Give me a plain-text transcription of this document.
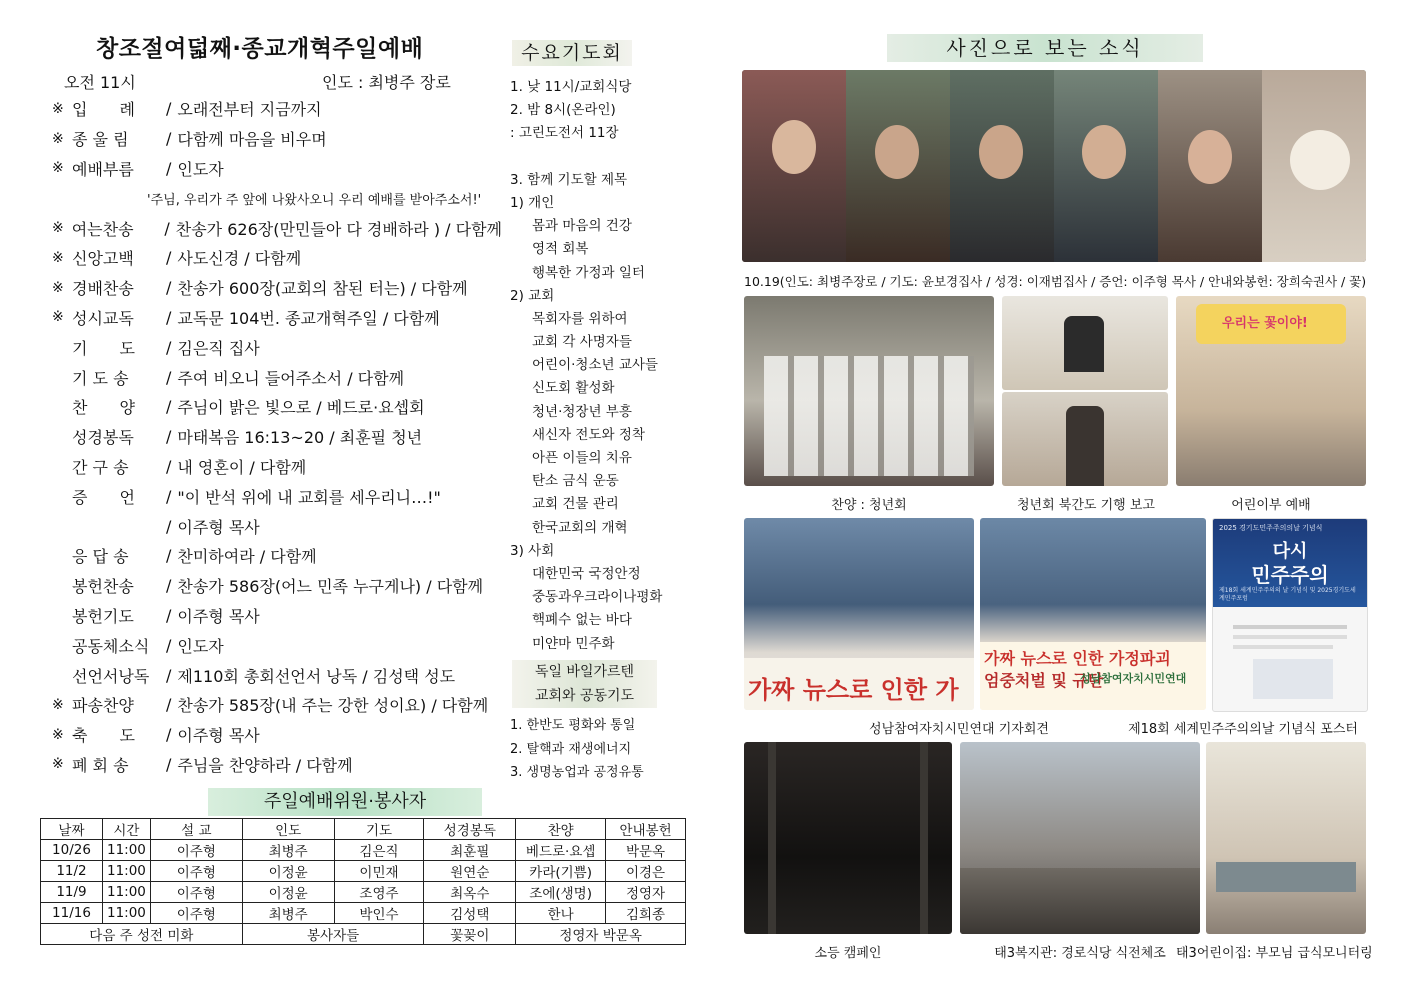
창조절여덟째·종교개혁주일예배
오전 11시	인도 : 최병주 장로
※ 입　　례	/ 오래전부터 지금까지
※ 종 울 림	/ 다함께 마음을 비우며
※ 예배부름	/ 인도자
※ 여는찬송	/ 찬송가 626장(만민들아 다 경배하라 ) / 다함께
※ 신앙고백	/ 사도신경 / 다함께
※ 경배찬송	/ 찬송가 600장(교회의 참된 터는) / 다함께
※ 성시교독	/ 교독문 104번. 종교개혁주일 / 다함께
기　　도	/ 김은직 집사
기 도 송	/ 주여 비오니 들어주소서 / 다함께
찬　　양	/ 주님이 밝은 빛으로 / 베드로·요셉회
성경봉독	/ 마태복음 16:13~20 / 최훈필 청년
간 구 송	/ 내 영혼이 / 다함께
증　　언	/ "이 반석 위에 내 교회를 세우리니…!"
/ 이주형 목사
응 답 송	/ 찬미하여라 / 다함께
봉헌찬송	/ 찬송가 586장(어느 민족 누구게나) / 다함께
봉헌기도	/ 이주형 목사
공동체소식	/ 인도자
선언서낭독	/ 제110회 총회선언서 낭독 / 김성택 성도
※ 파송찬양	/ 찬송가 585장(내 주는 강한 성이요) / 다함께
※ 축　　도	/ 이주형 목사
※ 폐 회 송	/ 주님을 찬양하라 / 다함께
'주님, 우리가 주 앞에 나왔사오니 우리 예배를 받아주소서!'
수요기도회
1. 낮 11시/교회식당
2. 밤 8시(온라인)
: 고린도전서 11장
3. 함께 기도할 제목
1) 개인
몸과 마음의 건강
영적 회복
행복한 가정과 일터
2) 교회
목회자를 위하여
교회 각 사명자들
어린이·청소년 교사들
신도회 활성화
청년·청장년 부흥
새신자 전도와 정착
아픈 이들의 치유
탄소 금식 운동
교회 건물 관리
한국교회의 개혁
3) 사회
대한민국 국정안정
중동과우크라이나평화
핵폐수 없는 바다
미얀마 민주화
독일 바일가르텐
교회와 공동기도
1. 한반도 평화와 통일
2. 탈핵과 재생에너지
3. 생명농업과 공정유통
주일예배위원·봉사자
날짜	시간	설 교	인도	기도	성경봉독	찬양	안내봉헌
10/26	11:00	이주형	최병주	김은직	최훈필	베드로·요셉	박문옥
11/2	11:00	이주형	이정윤	이민재	원연순	카라(기쁨)	이경은
11/9	11:00	이주형	이정윤	조영주	최옥수	조에(생명)	정영자
11/16	11:00	이주형	최병주	박인수	김성택	한나	김희종
다음 주 성전 미화			봉사자들		꽃꽂이	정영자 박문옥	
사진으로 보는 소식
10.19(인도: 최병주장로 / 기도: 윤보경집사 / 성경: 이재범집사 / 증언: 이주형 목사 / 안내와봉헌: 장희숙권사 / 꽃)
우리는 꽃이야!
찬양 : 청년회	청년회 북간도 기행 보고	어린이부 예배
가짜 뉴스로 인한 가
가짜 뉴스로 인한 가정파괴
엄중처벌 및 규탄
성남참여자치시민연대
2025 경기도민주주의의날 기념식
다시
민주주의
제18회 세계민주주의의 날 기념식 및 2025경기도세계민주포럼
성남참여자치시민연대 기자회견	제18회 세계민주주의의날 기념식 포스터
소등 캠페인	태3복지관: 경로식당 식전체조 태3어린이집: 부모님 급식모니터링
